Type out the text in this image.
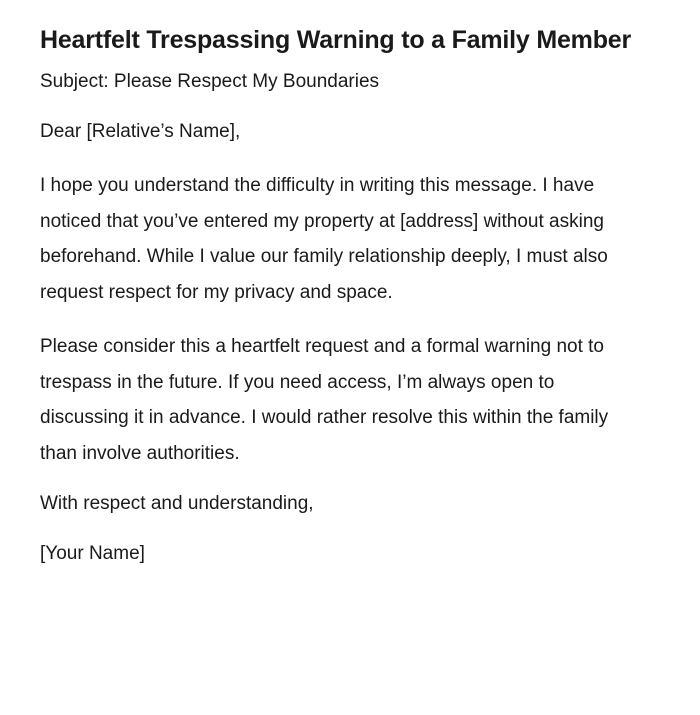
Heartfelt Trespassing Warning to a Family Member

Subject: Please Respect My Boundaries

Dear [Relative’s Name],

I hope you understand the difficulty in writing this message. I have noticed that you’ve entered my property at [address] without asking beforehand. While I value our family relationship deeply, I must also request respect for my privacy and space.

Please consider this a heartfelt request and a formal warning not to trespass in the future. If you need access, I’m always open to discussing it in advance. I would rather resolve this within the family than involve authorities.

With respect and understanding,

[Your Name]
